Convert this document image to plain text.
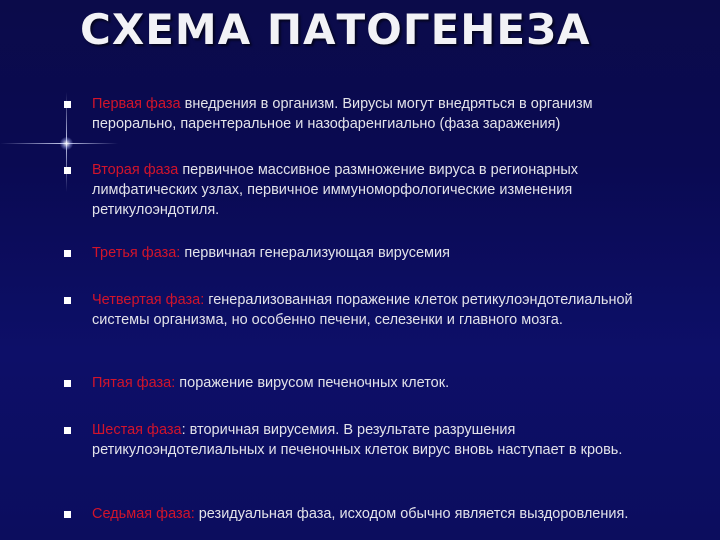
СХЕМА ПАТОГЕНЕЗА
Первая фаза внедрения в организм. Вирусы могут внедряться в организм перорально, парентеральное и назофаренгиально (фаза заражения)
Вторая фаза первичное массивное размножение вируса в регионарных лимфатических узлах, первичное иммуноморфологические изменения ретикулоэндотиля.
Третья фаза: первичная генерализующая вирусемия
Четвертая фаза: генерализованная поражение клеток ретикулоэндотелиальной системы организма, но особенно печени, селезенки и главного мозга.
Пятая фаза: поражение вирусом печеночных клеток.
Шестая фаза: вторичная вирусемия. В результате разрушения ретикулоэндотелиальных и печеночных клеток вирус вновь наступает в кровь.
Седьмая фаза: резидуальная фаза, исходом обычно является выздоровления.
